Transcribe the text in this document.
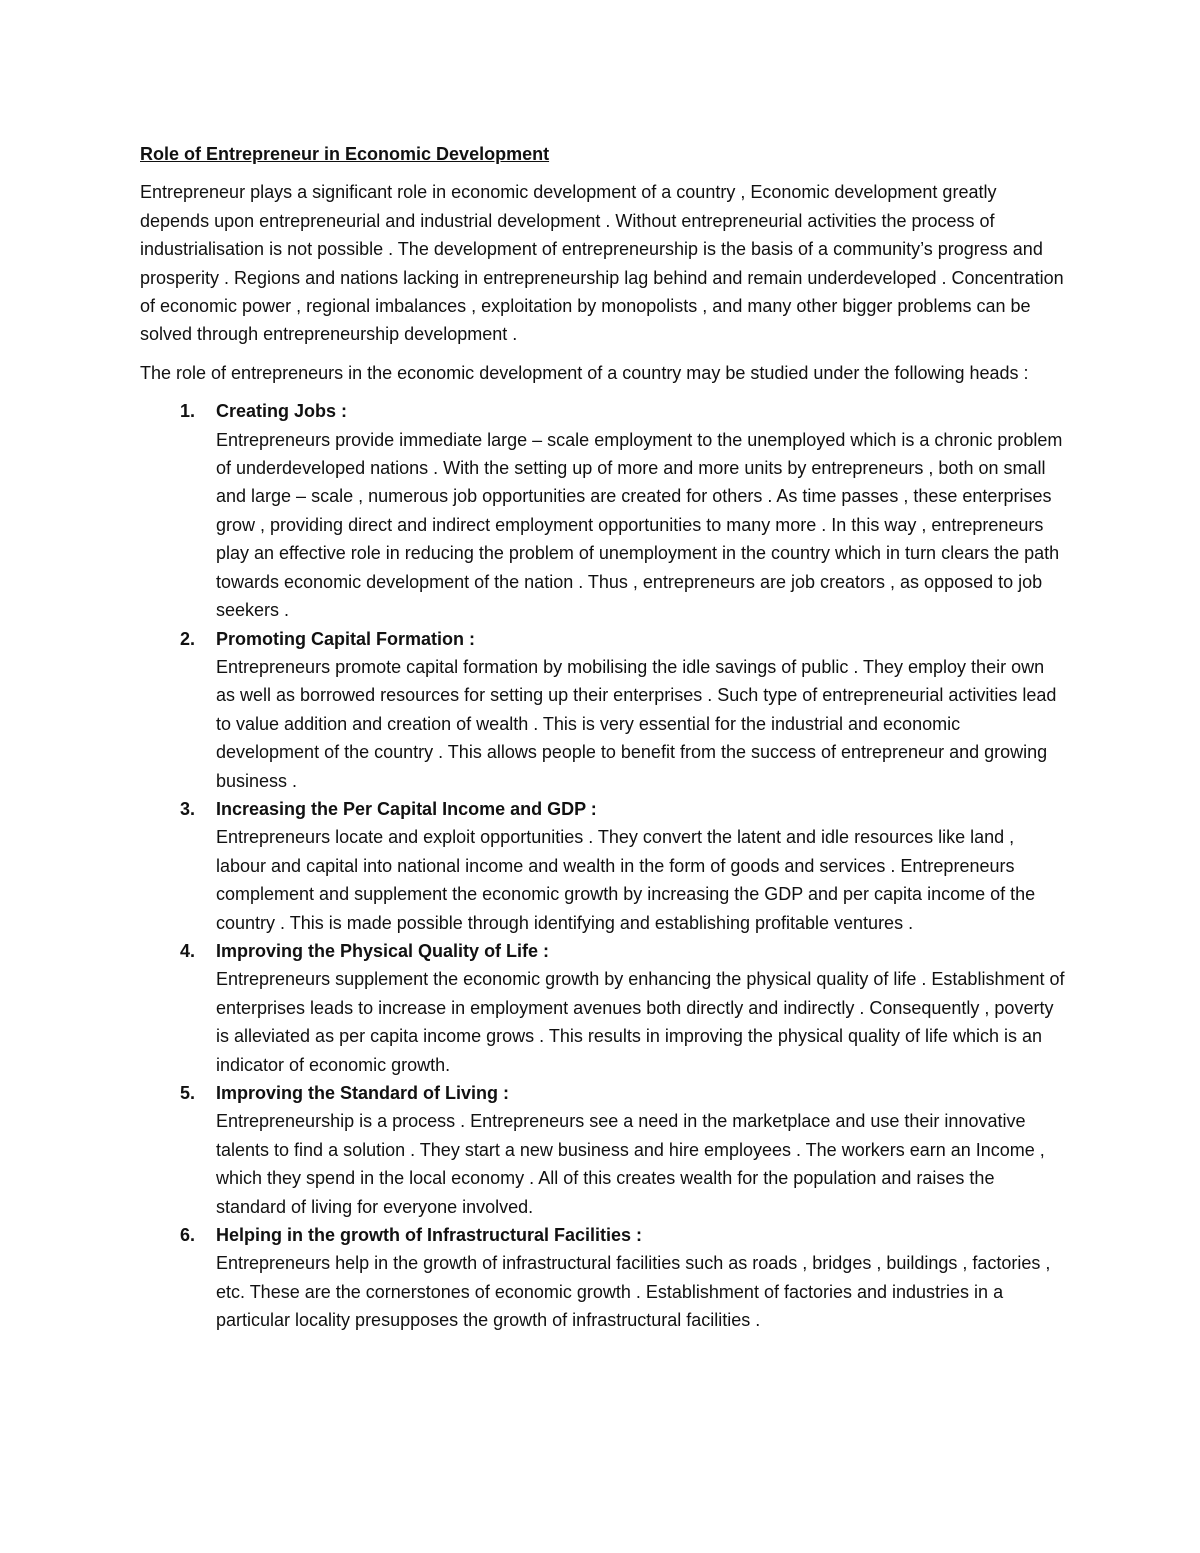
Role of Entrepreneur in Economic Development

Entrepreneur plays a significant role in economic development of a country , Economic development greatly depends upon entrepreneurial and industrial development . Without entrepreneurial activities the process of industrialisation is not possible . The development of entrepreneurship is the basis of a community’s progress and prosperity . Regions and nations lacking in entrepreneurship lag behind and remain underdeveloped . Concentration of economic power , regional imbalances , exploitation by monopolists , and many other bigger problems can be solved through entrepreneurship development .

The role of entrepreneurs in the economic development of a country may be studied under the following heads :

1. Creating Jobs :
Entrepreneurs provide immediate large – scale employment to the unemployed which is a chronic problem of underdeveloped nations . With the setting up of more and more units by entrepreneurs , both on small and large – scale , numerous job opportunities are created for others . As time passes , these enterprises grow , providing direct and indirect employment opportunities to many more . In this way , entrepreneurs play an effective role in reducing the problem of unemployment in the country which in turn clears the path towards economic development of the nation . Thus , entrepreneurs are job creators , as opposed to job seekers .
2. Promoting Capital Formation :
Entrepreneurs promote capital formation by mobilising the idle savings of public . They employ their own as well as borrowed resources for setting up their enterprises . Such type of entrepreneurial activities lead to value addition and creation of wealth . This is very essential for the industrial and economic development of the country . This allows people to benefit from the success of entrepreneur and growing business .
3. Increasing the Per Capital Income and GDP :
Entrepreneurs locate and exploit opportunities . They convert the latent and idle resources like land , labour and capital into national income and wealth in the form of goods and services . Entrepreneurs complement and supplement the economic growth by increasing the GDP and per capita income of the country . This is made possible through identifying and establishing profitable ventures .
4. Improving the Physical Quality of Life :
Entrepreneurs supplement the economic growth by enhancing the physical quality of life . Establishment of enterprises leads to increase in employment avenues both directly and indirectly . Consequently , poverty is alleviated as per capita income grows . This results in improving the physical quality of life which is an indicator of economic growth.
5. Improving the Standard of Living :
Entrepreneurship is a process . Entrepreneurs see a need in the marketplace and use their innovative talents to find a solution . They start a new business and hire employees . The workers earn an Income , which they spend in the local economy . All of this creates wealth for the population and raises the standard of living for everyone involved.
6. Helping in the growth of Infrastructural Facilities :
Entrepreneurs help in the growth of infrastructural facilities such as roads , bridges , buildings , factories , etc. These are the cornerstones of economic growth . Establishment of factories and industries in a particular locality presupposes the growth of infrastructural facilities .
